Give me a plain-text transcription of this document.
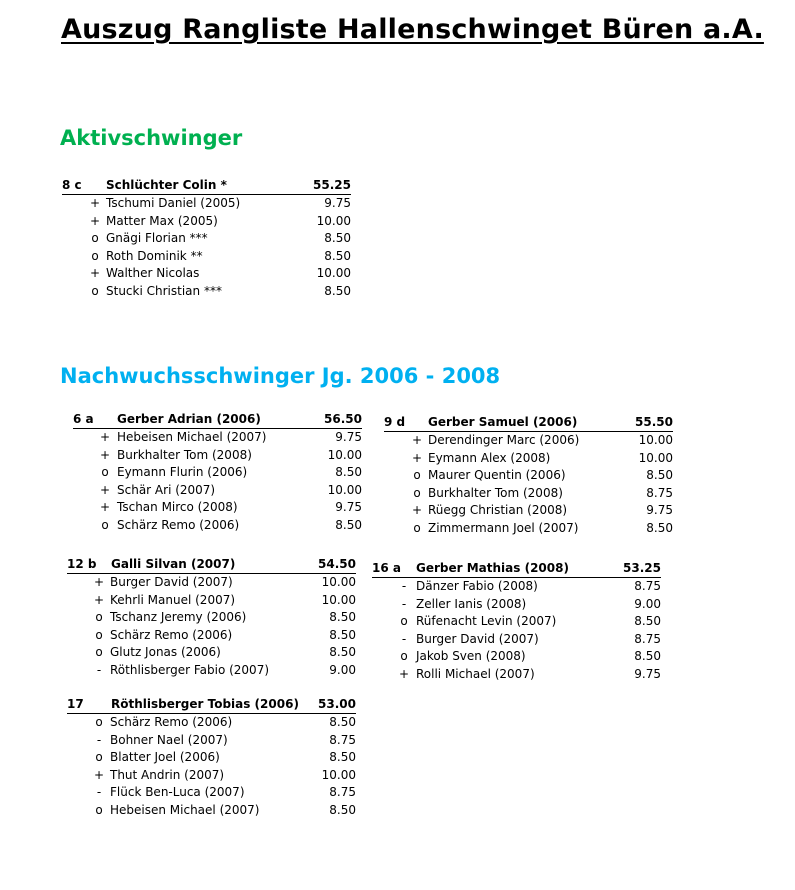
Auszug Rangliste Hallenschwinget Büren a.A.
Aktivschwinger
Nachwuchsschwinger Jg. 2006 - 2008
8 c Schlüchter Colin *	55.25
+ Tschumi Daniel (2005)	9.75
+ Matter Max (2005)	10.00
o Gnägi Florian ***	8.50
o Roth Dominik **	8.50
+ Walther Nicolas	10.00
o Stucki Christian ***	8.50
6 a Gerber Adrian (2006)	56.50
+ Hebeisen Michael (2007)	9.75
+ Burkhalter Tom (2008)	10.00
o Eymann Flurin (2006)	8.50
+ Schär Ari (2007)	10.00
+ Tschan Mirco (2008)	9.75
o Schärz Remo (2006)	8.50
9 d Gerber Samuel (2006)	55.50
+ Derendinger Marc (2006)	10.00
+ Eymann Alex (2008)	10.00
o Maurer Quentin (2006)	8.50
o Burkhalter Tom (2008)	8.75
+ Rüegg Christian (2008)	9.75
o Zimmermann Joel (2007)	8.50
12 b Galli Silvan (2007)	54.50
+ Burger David (2007)	10.00
+ Kehrli Manuel (2007)	10.00
o Tschanz Jeremy (2006)	8.50
o Schärz Remo (2006)	8.50
o Glutz Jonas (2006)	8.50
- Röthlisberger Fabio (2007)	9.00
16 a Gerber Mathias (2008)	53.25
- Dänzer Fabio (2008)	8.75
- Zeller Ianis (2008)	9.00
o Rüfenacht Levin (2007)	8.50
- Burger David (2007)	8.75
o Jakob Sven (2008)	8.50
+ Rolli Michael (2007)	9.75
17 Röthlisberger Tobias (2006) 53.00
o Schärz Remo (2006)	8.50
- Bohner Nael (2007)	8.75
o Blatter Joel (2006)	8.50
+ Thut Andrin (2007)	10.00
- Flück Ben-Luca (2007)	8.75
o Hebeisen Michael (2007)	8.50
